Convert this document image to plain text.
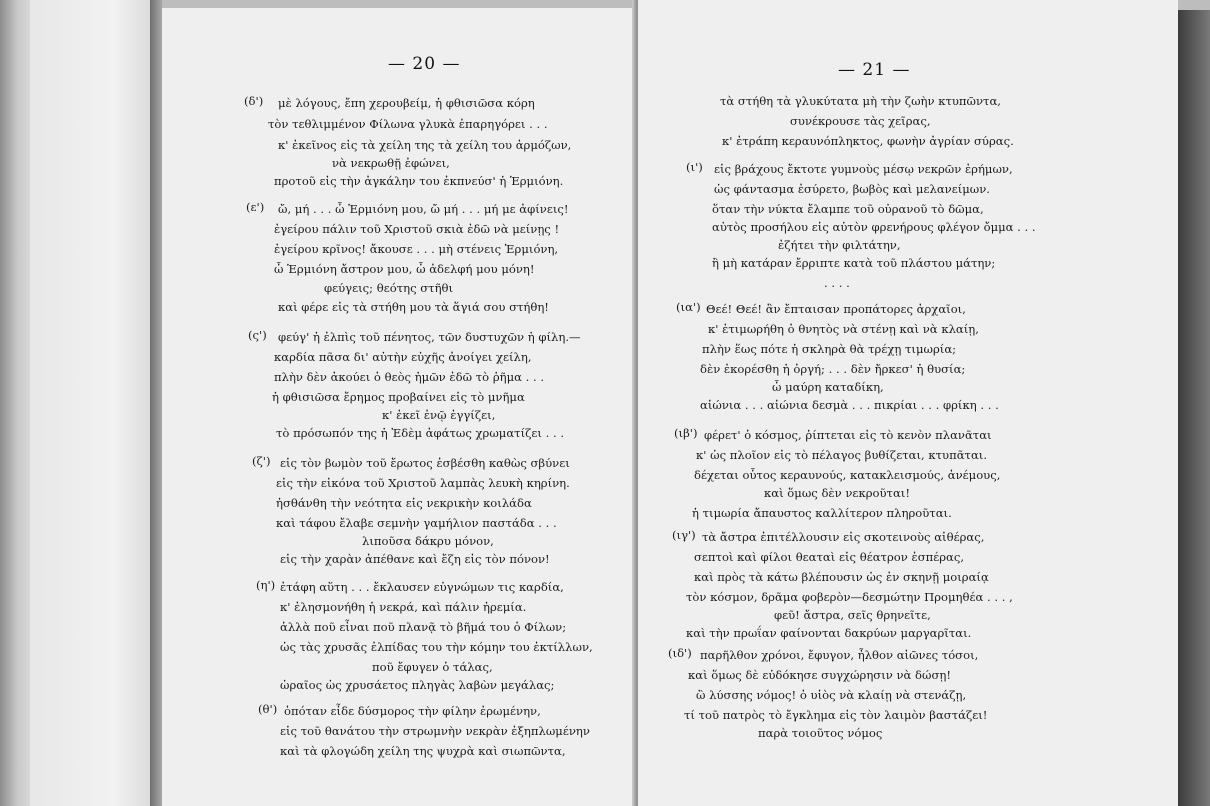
— 20 —
(δ') μὲ λόγους, ἔπη χερουβείμ, ἡ φθισιῶσα κόρη
τὸν τεθλιμμένον Φίλωνα γλυκὰ ἐπαρηγόρει . . .
κ' ἐκεῖνος εἰς τὰ χείλη της τὰ χείλη του ἁρμόζων,
νὰ νεκρωθῇ ἐφώνει,
προτοῦ εἰς τὴν ἀγκάλην του ἐκπνεύσ' ἡ Ἑρμιόνη.
(ε') ὤ, μή . . . ὦ Ἑρμιόνη μου, ὤ μή . . . μή με ἀφίνεις!
ἐγείρου πάλιν τοῦ Χριστοῦ σκιὰ ἐδῶ νὰ μείνῃς !
ἐγείρου κρῖνος! ἄκουσε . . . μὴ στένεις Ἑρμιόνη,
ὦ Ἑρμιόνη ἄστρον μου, ὦ ἀδελφή μου μόνη!
φεύγεις; θεότης στῆθι
καὶ φέρε εἰς τὰ στήθη μου τὰ ἅγιά σου στήθη!
(ς') φεύγ' ἡ ἐλπὶς τοῦ πένητος, τῶν δυστυχῶν ἡ φίλη.—
καρδία πᾶσα δι' αὐτὴν εὐχῆς ἀνοίγει χείλη,
πλὴν δὲν ἀκούει ὁ θεὸς ἡμῶν ἐδῶ τὸ ῥῆμα . . .
ἡ φθισιῶσα ἔρημος προβαίνει εἰς τὸ μνῆμα
κ' ἐκεῖ ἐνῷ ἐγγίζει,
τὸ πρόσωπόν της ἡ Ἐδὲμ ἀφάτως χρωματίζει . . .
(ζ') εἰς τὸν βωμὸν τοῦ ἔρωτος ἐσβέσθη καθὼς σβύνει
εἰς τὴν εἰκόνα τοῦ Χριστοῦ λαμπὰς λευκὴ κηρίνη.
ἠσθάνθη τὴν νεότητα εἰς νεκρικὴν κοιλάδα
καὶ τάφου ἔλαβε σεμνὴν γαμήλιον παστάδα . . .
λιποῦσα δάκρυ μόνον,
εἰς τὴν χαρὰν ἀπέθανε καὶ ἔζη εἰς τὸν πόνον!
(η') ἐτάφη αὕτη . . . ἔκλαυσεν εὐγνώμων τις καρδία,
κ' ἐλησμονήθη ἡ νεκρά, καὶ πάλιν ἠρεμία.
ἀλλὰ ποῦ εἶναι ποῦ πλανᾷ τὸ βῆμά του ὁ Φίλων;
ὡς τὰς χρυσᾶς ἐλπίδας του τὴν κόμην του ἐκτίλλων,
ποῦ ἔφυγεν ὁ τάλας,
ὡραῖος ὡς χρυσάετος πληγὰς λαβὼν μεγάλας;
(θ') ὁπόταν εἶδε δύσμορος τὴν φίλην ἐρωμένην,
εἰς τοῦ θανάτου τὴν στρωμνὴν νεκρὰν ἐξηπλωμένην
καὶ τὰ φλογώδη χείλη της ψυχρὰ καὶ σιωπῶντα,
— 21 —
τὰ στήθη τὰ γλυκύτατα μὴ τὴν ζωὴν κτυπῶντα,
συνέκρουσε τὰς χεῖρας,
κ' ἐτράπη κεραυνόπληκτος, φωνὴν ἀγρίαν σύρας.
(ι') εἰς βράχους ἔκτοτε γυμνοὺς μέσῳ νεκρῶν ἐρήμων,
ὡς φάντασμα ἐσύρετο, βωβὸς καὶ μελανείμων.
ὅταν τὴν νύκτα ἔλαμπε τοῦ οὐρανοῦ τὸ δῶμα,
αὐτὸς προσήλου εἰς αὐτὸν φρενήρους φλέγον ὄμμα . . .
ἐζήτει τὴν φιλτάτην,
ἢ μὴ κατάραν ἔρριπτε κατὰ τοῦ πλάστου μάτην;
. . . .
(ια') Θεέ! Θεέ! ἂν ἔπταισαν προπάτορες ἀρχαῖοι,
κ' ἐτιμωρήθη ὁ θνητὸς νὰ στένῃ καὶ νὰ κλαίῃ,
πλὴν ἕως πότε ἡ σκληρὰ θὰ τρέχῃ τιμωρία;
δὲν ἐκορέσθη ἡ ὀργή; . . . δὲν ἤρκεσ' ἡ θυσία;
ὦ μαύρη καταδίκη,
αἰώνια . . . αἰώνια δεσμὰ . . . πικρίαι . . . φρίκη . . .
(ιβ') φέρετ' ὁ κόσμος, ῥίπτεται εἰς τὸ κενὸν πλανᾶται
κ' ὡς πλοῖον εἰς τὸ πέλαγος βυθίζεται, κτυπᾶται.
δέχεται οὗτος κεραυνούς, κατακλεισμούς, ἀνέμους,
καὶ ὅμως δὲν νεκροῦται!
ἡ τιμωρία ἄπαυστος καλλίτερον πληροῦται.
(ιγ') τὰ ἄστρα ἐπιτέλλουσιν εἰς σκοτεινοὺς αἰθέρας,
σεπτοὶ καὶ φίλοι θεαταὶ εἰς θέατρον ἑσπέρας,
καὶ πρὸς τὰ κάτω βλέπουσιν ὡς ἐν σκηνῇ μοιραίᾳ
τὸν κόσμον, δρᾶμα φοβερὸν—δεσμώτην Προμηθέα . . . ,
φεῦ! ἄστρα, σεῖς θρηνεῖτε,
καὶ τὴν πρωΐαν φαίνονται δακρύων μαργαρῖται.
(ιδ') παρῆλθον χρόνοι, ἔφυγον, ἦλθον αἰῶνες τόσοι,
καὶ ὅμως δὲ εὐδόκησε συγχώρησιν νὰ δώσῃ!
ὢ λύσσης νόμος! ὁ υἱὸς νὰ κλαίῃ νὰ στενάζῃ,
τί τοῦ πατρὸς τὸ ἔγκλημα εἰς τὸν λαιμὸν βαστάζει!
παρὰ τοιοῦτος νόμος
